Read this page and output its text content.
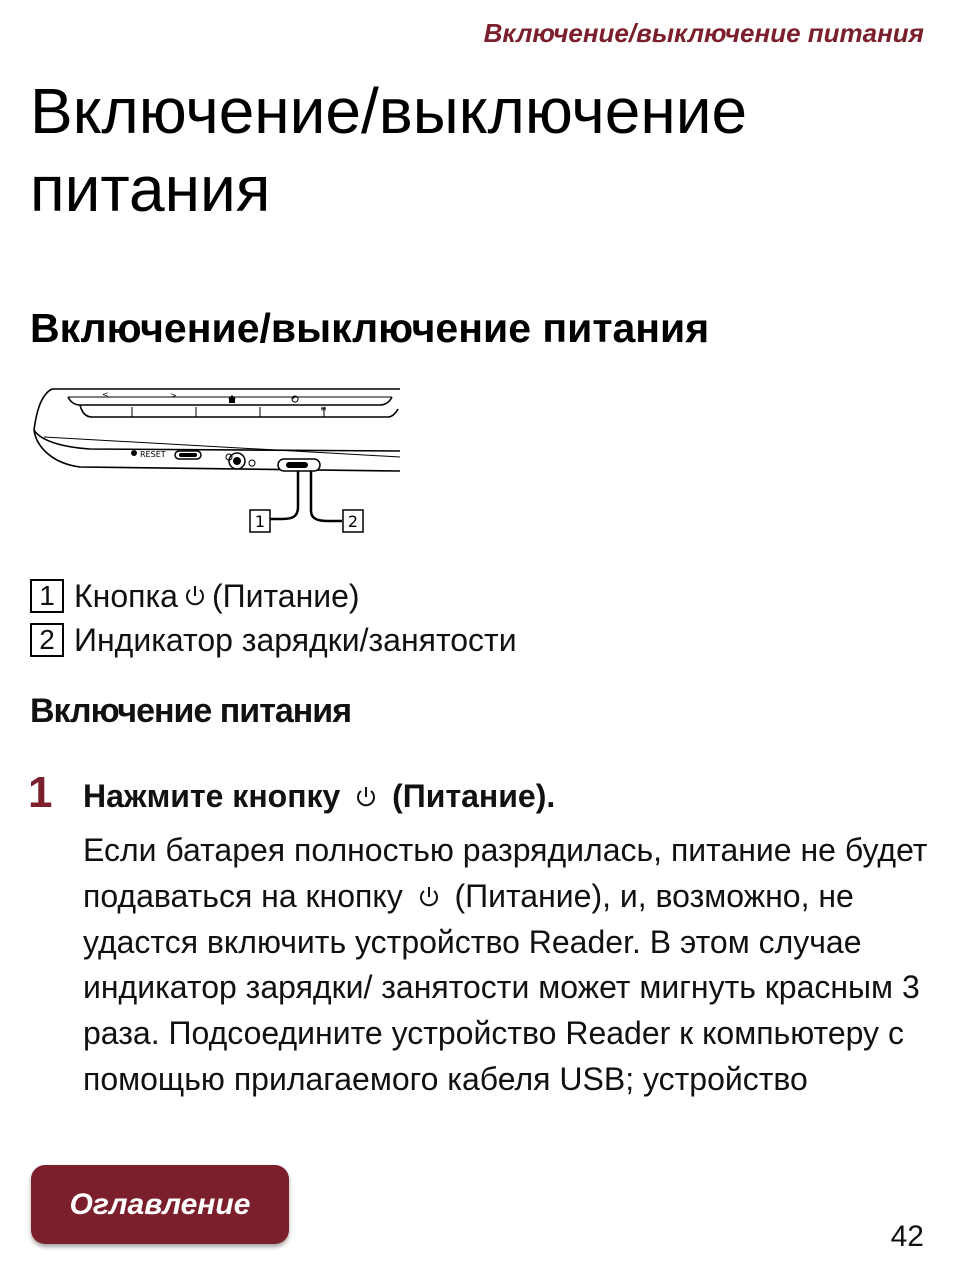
Включение/выключение питания
Включение/выключение
питания
Включение/выключение питания
<	>
≡
RESET
1	2
1 Кнопка (Питание)
2 Индикатор зарядки/занятости
Включение питания
1 Нажмите кнопку (Питание).
Если батарея полностью разрядилась, питание не будет подаваться на кнопку (Питание), и, возможно, не удастся включить устройство Reader. В этом случае индикатор зарядки/ занятости может мигнуть красным 3 раза. Подсоедините устройство Reader к компьютеру с помощью прилагаемого кабеля USB; устройство
Оглавление
42
